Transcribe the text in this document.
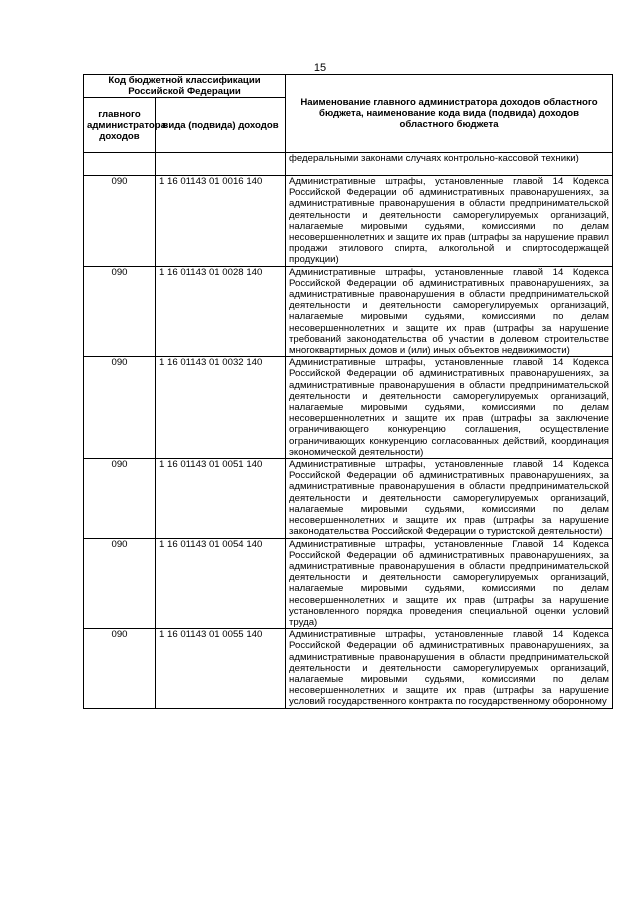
15
Код бюджетной классификации Российской Федерации		Наименование главного администратора доходов областного бюджета, наименование кода вида (подвида) доходов областного бюджета
главного администратора доходов	вида (подвида) доходов	
		федеральными законами случаях контрольно-кассовой техники)
090	1 16 01143 01 0016 140	Административные штрафы, установленные главой 14 Кодекса Российской Федерации об административных правонарушениях, за административные правонарушения в области предпринимательской деятельности и деятельности саморегулируемых организаций, налагаемые мировыми судьями, комиссиями по делам несовершеннолетних и защите их прав (штрафы за нарушение правил продажи этилового спирта, алкогольной и спиртосодержащей продукции)
090	1 16 01143 01 0028 140	Административные штрафы, установленные главой 14 Кодекса Российской Федерации об административных правонарушениях, за административные правонарушения в области предпринимательской деятельности и деятельности саморегулируемых организаций, налагаемые мировыми судьями, комиссиями по делам несовершеннолетних и защите их прав (штрафы за нарушение требований законодательства об участии в долевом строительстве многоквартирных домов и (или) иных объектов недвижимости)
090	1 16 01143 01 0032 140	Административные штрафы, установленные главой 14 Кодекса Российской Федерации об административных правонарушениях, за административные правонарушения в области предпринимательской деятельности и деятельности саморегулируемых организаций, налагаемые мировыми судьями, комиссиями по делам несовершеннолетних и защите их прав (штрафы за заключение ограничивающего конкуренцию соглашения, осуществление ограничивающих конкуренцию согласованных действий, координация экономической деятельности)
090	1 16 01143 01 0051 140	Административные штрафы, установленные главой 14 Кодекса Российской Федерации об административных правонарушениях, за административные правонарушения в области предпринимательской деятельности и деятельности саморегулируемых организаций, налагаемые мировыми судьями, комиссиями по делам несовершеннолетних и защите их прав (штрафы за нарушение законодательства Российской Федерации о туристской деятельности)
090	1 16 01143 01 0054 140	Административные штрафы, установленные Главой 14 Кодекса Российской Федерации об административных правонарушениях, за административные правонарушения в области предпринимательской деятельности и деятельности саморегулируемых организаций, налагаемые мировыми судьями, комиссиями по делам несовершеннолетних и защите их прав (штрафы за нарушение установленного порядка проведения специальной оценки условий труда)
090	1 16 01143 01 0055 140	Административные штрафы, установленные главой 14 Кодекса Российской Федерации об административных правонарушениях, за административные правонарушения в области предпринимательской деятельности и деятельности саморегулируемых организаций, налагаемые мировыми судьями, комиссиями по делам несовершеннолетних и защите их прав (штрафы за нарушение условий государственного контракта по государственному оборонному
